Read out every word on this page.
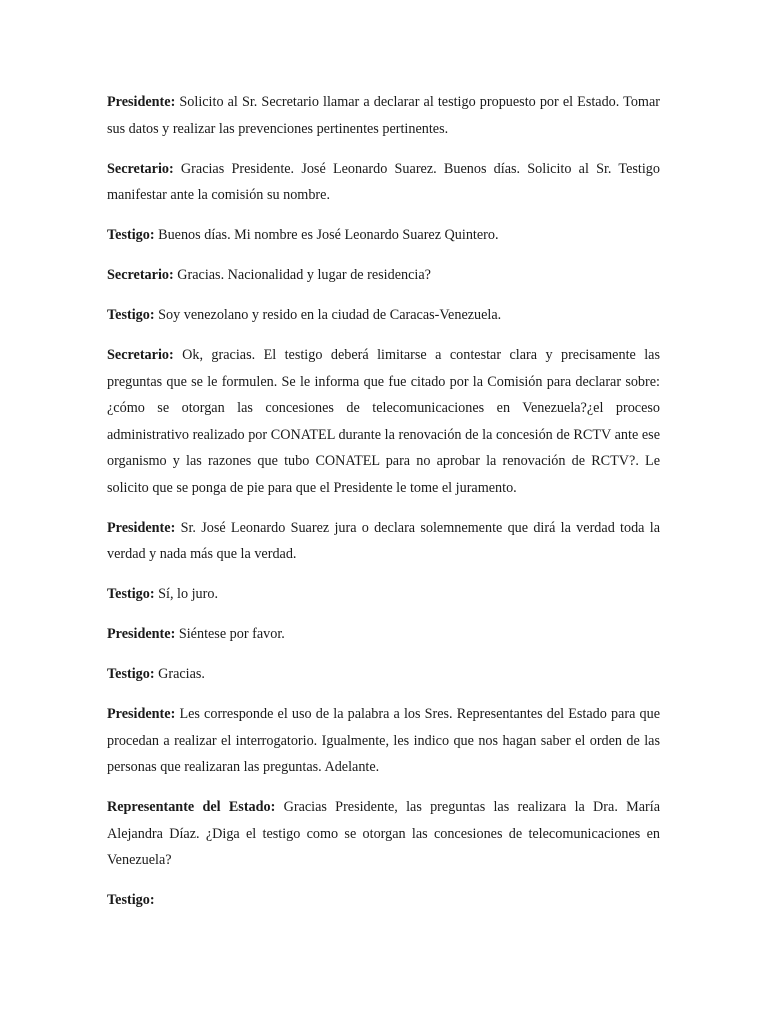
Presidente: Solicito al Sr. Secretario llamar a declarar al testigo propuesto por el Estado. Tomar sus datos y realizar las prevenciones pertinentes pertinentes.

Secretario: Gracias Presidente. José Leonardo Suarez. Buenos días. Solicito al Sr. Testigo manifestar ante la comisión su nombre.

Testigo: Buenos días. Mi nombre es José Leonardo Suarez Quintero.

Secretario: Gracias. Nacionalidad y lugar de residencia?

Testigo: Soy venezolano y resido en la ciudad de Caracas-Venezuela.

Secretario: Ok, gracias. El testigo deberá limitarse a contestar clara y precisamente las preguntas que se le formulen. Se le informa que fue citado por la Comisión para declarar sobre: ¿cómo se otorgan las concesiones de telecomunicaciones en Venezuela?¿el proceso administrativo realizado por CONATEL durante la renovación de la concesión de RCTV ante ese organismo y las razones que tubo CONATEL para no aprobar la renovación de RCTV?. Le solicito que se ponga de pie para que el Presidente le tome el juramento.

Presidente: Sr. José Leonardo Suarez jura o declara solemnemente que dirá la verdad toda la verdad y nada más que la verdad.

Testigo: Sí, lo juro.

Presidente: Siéntese por favor.

Testigo: Gracias.

Presidente: Les corresponde el uso de la palabra a los Sres. Representantes del Estado para que procedan a realizar el interrogatorio. Igualmente, les indico que nos hagan saber el orden de las personas que realizaran las preguntas. Adelante.

Representante del Estado: Gracias Presidente, las preguntas las realizara la Dra. María Alejandra Díaz. ¿Diga el testigo como se otorgan las concesiones de telecomunicaciones en Venezuela?

Testigo:
